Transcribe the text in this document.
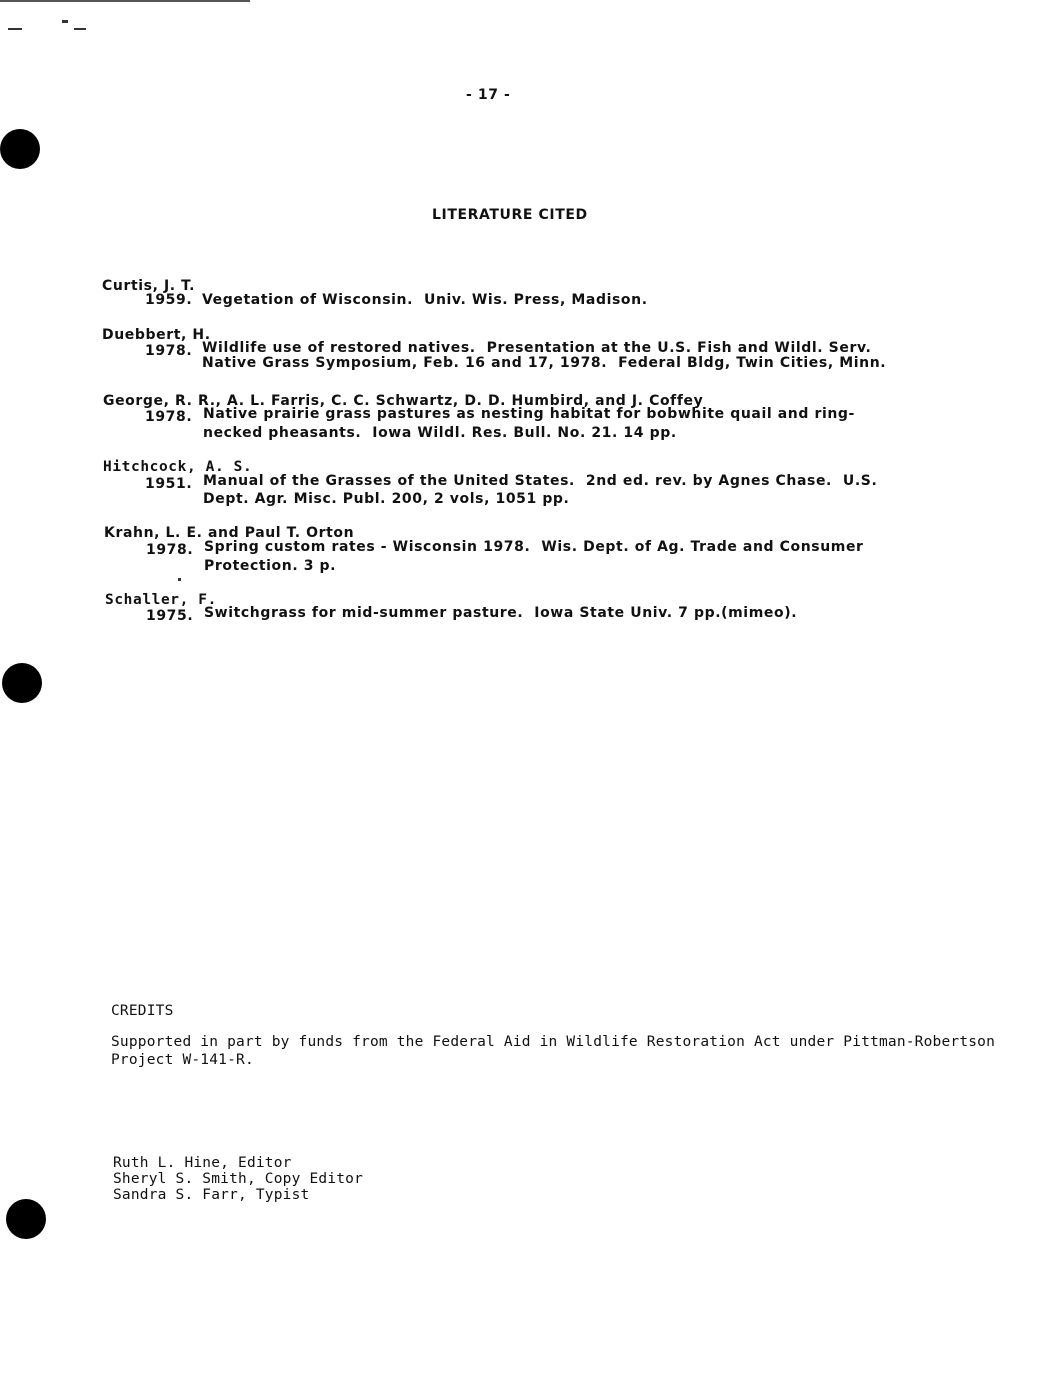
- 17 -
LITERATURE CITED
Curtis, J. T.
1959. Vegetation of Wisconsin.  Univ. Wis. Press, Madison.
Duebbert, H.
1978. Wildlife use of restored natives.  Presentation at the U.S. Fish and Wildl. Serv.
Native Grass Symposium, Feb. 16 and 17, 1978.  Federal Bldg, Twin Cities, Minn.
George, R. R., A. L. Farris, C. C. Schwartz, D. D. Humbird, and J. Coffey
1978. Native prairie grass pastures as nesting habitat for bobwhite quail and ring-
necked pheasants.  Iowa Wildl. Res. Bull. No. 21. 14 pp.
Hitchcock, A. S.
1951. Manual of the Grasses of the United States.  2nd ed. rev. by Agnes Chase.  U.S.
Dept. Agr. Misc. Publ. 200, 2 vols, 1051 pp.
Krahn, L. E. and Paul T. Orton
1978. Spring custom rates - Wisconsin 1978.  Wis. Dept. of Ag. Trade and Consumer
Protection. 3 p.
Schaller, F.
1975. Switchgrass for mid-summer pasture.  Iowa State Univ. 7 pp.(mimeo).
CREDITS
Supported in part by funds from the Federal Aid in Wildlife Restoration Act under Pittman-Robertson
Project W-141-R.
Ruth L. Hine, Editor
Sheryl S. Smith, Copy Editor
Sandra S. Farr, Typist
